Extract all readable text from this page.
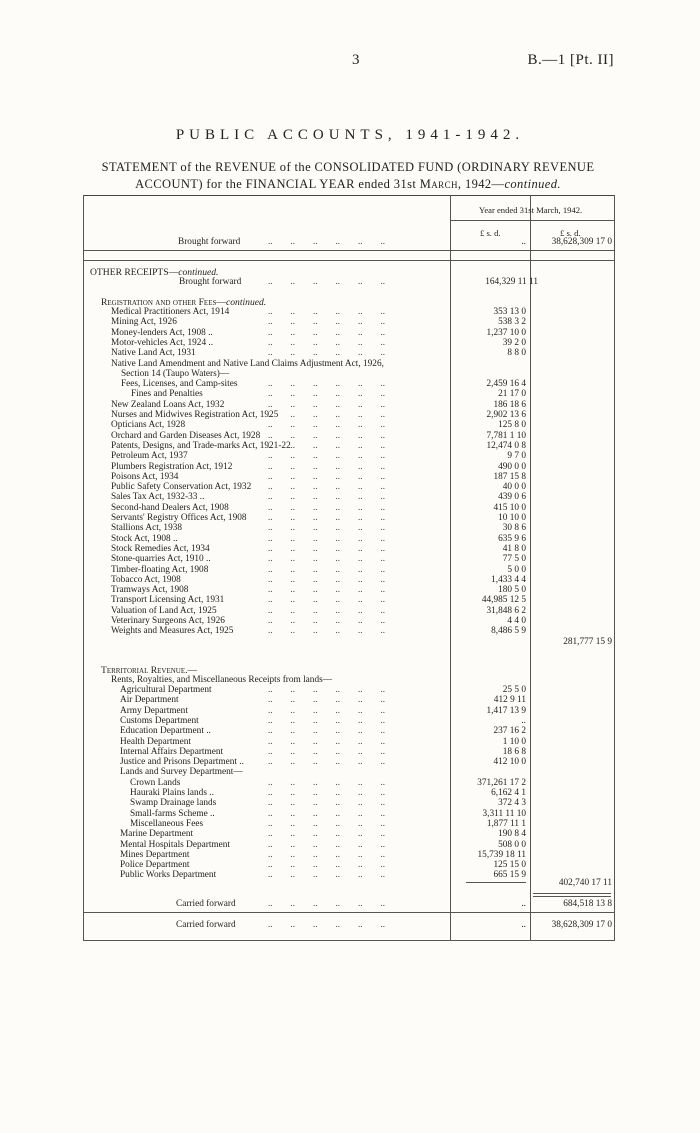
3	B.—1 [Pt. II]
PUBLIC ACCOUNTS, 1941-1942.
STATEMENT of the REVENUE of the CONSOLIDATED FUND (ORDINARY REVENUE
ACCOUNT) for the FINANCIAL YEAR ended 31st March, 1942—continued.
Year ended 31st March, 1942.
£ s. d.	£ s. d.
Brought forward	..        ..        ..        ..        ..        ..	..	38,628,309 17 0
OTHER RECEIPTS—continued.
Brought forward	..        ..        ..        ..        ..        ..	164,329 11 11
Registration and other Fees—continued.
Medical Practitioners Act, 1914	..        ..        ..        ..        ..        ..	353 13 0
Mining Act, 1926	..        ..        ..        ..        ..        ..	538 3 2
Money-lenders Act, 1908 ..	..        ..        ..        ..        ..        ..	1,237 10 0
Motor-vehicles Act, 1924 ..	..        ..        ..        ..        ..        ..	39 2 0
Native Land Act, 1931	..        ..        ..        ..        ..        ..	8 8 0
Native Land Amendment and Native Land Claims Adjustment Act, 1926,
Section 14 (Taupo Waters)—
Fees, Licenses, and Camp-sites	..        ..        ..        ..        ..        ..	2,459 16 4
Fines and Penalties	..        ..        ..        ..        ..        ..	21 17 0
New Zealand Loans Act, 1932	..        ..        ..        ..        ..        ..	186 18 6
Nurses and Midwives Registration Act, 1925
..        ..        ..        ..        ..        ..	2,902 13 6
Opticians Act, 1928	..        ..        ..        ..        ..        ..	125 8 0
Orchard and Garden Diseases Act, 1928 ..        ..        ..        ..        ..        ..	7,781 1 10
Patents, Designs, and Trade-marks Act, 1921-22
..        ..        ..        ..        ..        ..	12,474 0 8
Petroleum Act, 1937	..        ..        ..        ..        ..        ..	9 7 0
Plumbers Registration Act, 1912	..        ..        ..        ..        ..        ..	490 0 0
Poisons Act, 1934	..        ..        ..        ..        ..        ..	187 15 8
Public Safety Conservation Act, 1932 ..        ..        ..        ..        ..        ..	40 0 0
Sales Tax Act, 1932-33 ..	..        ..        ..        ..        ..        ..	439 0 6
Second-hand Dealers Act, 1908	..        ..        ..        ..        ..        ..	415 10 0
Servants' Registry Offices Act, 1908 ..        ..        ..        ..        ..        ..	10 10 0
Stallions Act, 1938	..        ..        ..        ..        ..        ..	30 8 6
Stock Act, 1908 ..	..        ..        ..        ..        ..        ..	635 9 6
Stock Remedies Act, 1934	..        ..        ..        ..        ..        ..	41 8 0
Stone-quarries Act, 1910 ..	..        ..        ..        ..        ..        ..	77 5 0
Timber-floating Act, 1908	..        ..        ..        ..        ..        ..	5 0 0
Tobacco Act, 1908	..        ..        ..        ..        ..        ..	1,433 4 4
Tramways Act, 1908	..        ..        ..        ..        ..        ..	180 5 0
Transport Licensing Act, 1931	..        ..        ..        ..        ..        ..	44,985 12 5
Valuation of Land Act, 1925	..        ..        ..        ..        ..        ..	31,848 6 2
Veterinary Surgeons Act, 1926	..        ..        ..        ..        ..        ..	4 4 0
Weights and Measures Act, 1925	..        ..        ..        ..        ..        ..	8,486 5 9
281,777 15 9
Territorial Revenue.—
Rents, Royalties, and Miscellaneous Receipts from lands—
Agricultural Department	..        ..        ..        ..        ..        ..	25 5 0
Air Department	..        ..        ..        ..        ..        ..	412 9 11
Army Department	..        ..        ..        ..        ..        ..	1,417 13 9
Customs Department	..        ..        ..        ..        ..        ..	..
Education Department ..	..        ..        ..        ..        ..        ..	237 16 2
Health Department	..        ..        ..        ..        ..        ..	1 10 0
Internal Affairs Department	..        ..        ..        ..        ..        ..	18 6 8
Justice and Prisons Department ..	..        ..        ..        ..        ..        ..	412 10 0
Lands and Survey Department—
Crown Lands	..        ..        ..        ..        ..        ..	371,261 17 2
Hauraki Plains lands ..	..        ..        ..        ..        ..        ..	6,162 4 1
Swamp Drainage lands	..        ..        ..        ..        ..        ..	372 4 3
Small-farms Scheme ..	..        ..        ..        ..        ..        ..	3,311 11 10
Miscellaneous Fees	..        ..        ..        ..        ..        ..	1,877 11 1
Marine Department	..        ..        ..        ..        ..        ..	190 8 4
Mental Hospitals Department	..        ..        ..        ..        ..        ..	508 0 0
Mines Department	..        ..        ..        ..        ..        ..	15,739 18 11
Police Department	..        ..        ..        ..        ..        ..	125 15 0
Public Works Department	..        ..        ..        ..        ..        ..	665 15 9
402,740 17 11
Carried forward	..        ..        ..        ..        ..        ..	..	684,518 13 8
Carried forward	..        ..        ..        ..        ..        ..	..	38,628,309 17 0
